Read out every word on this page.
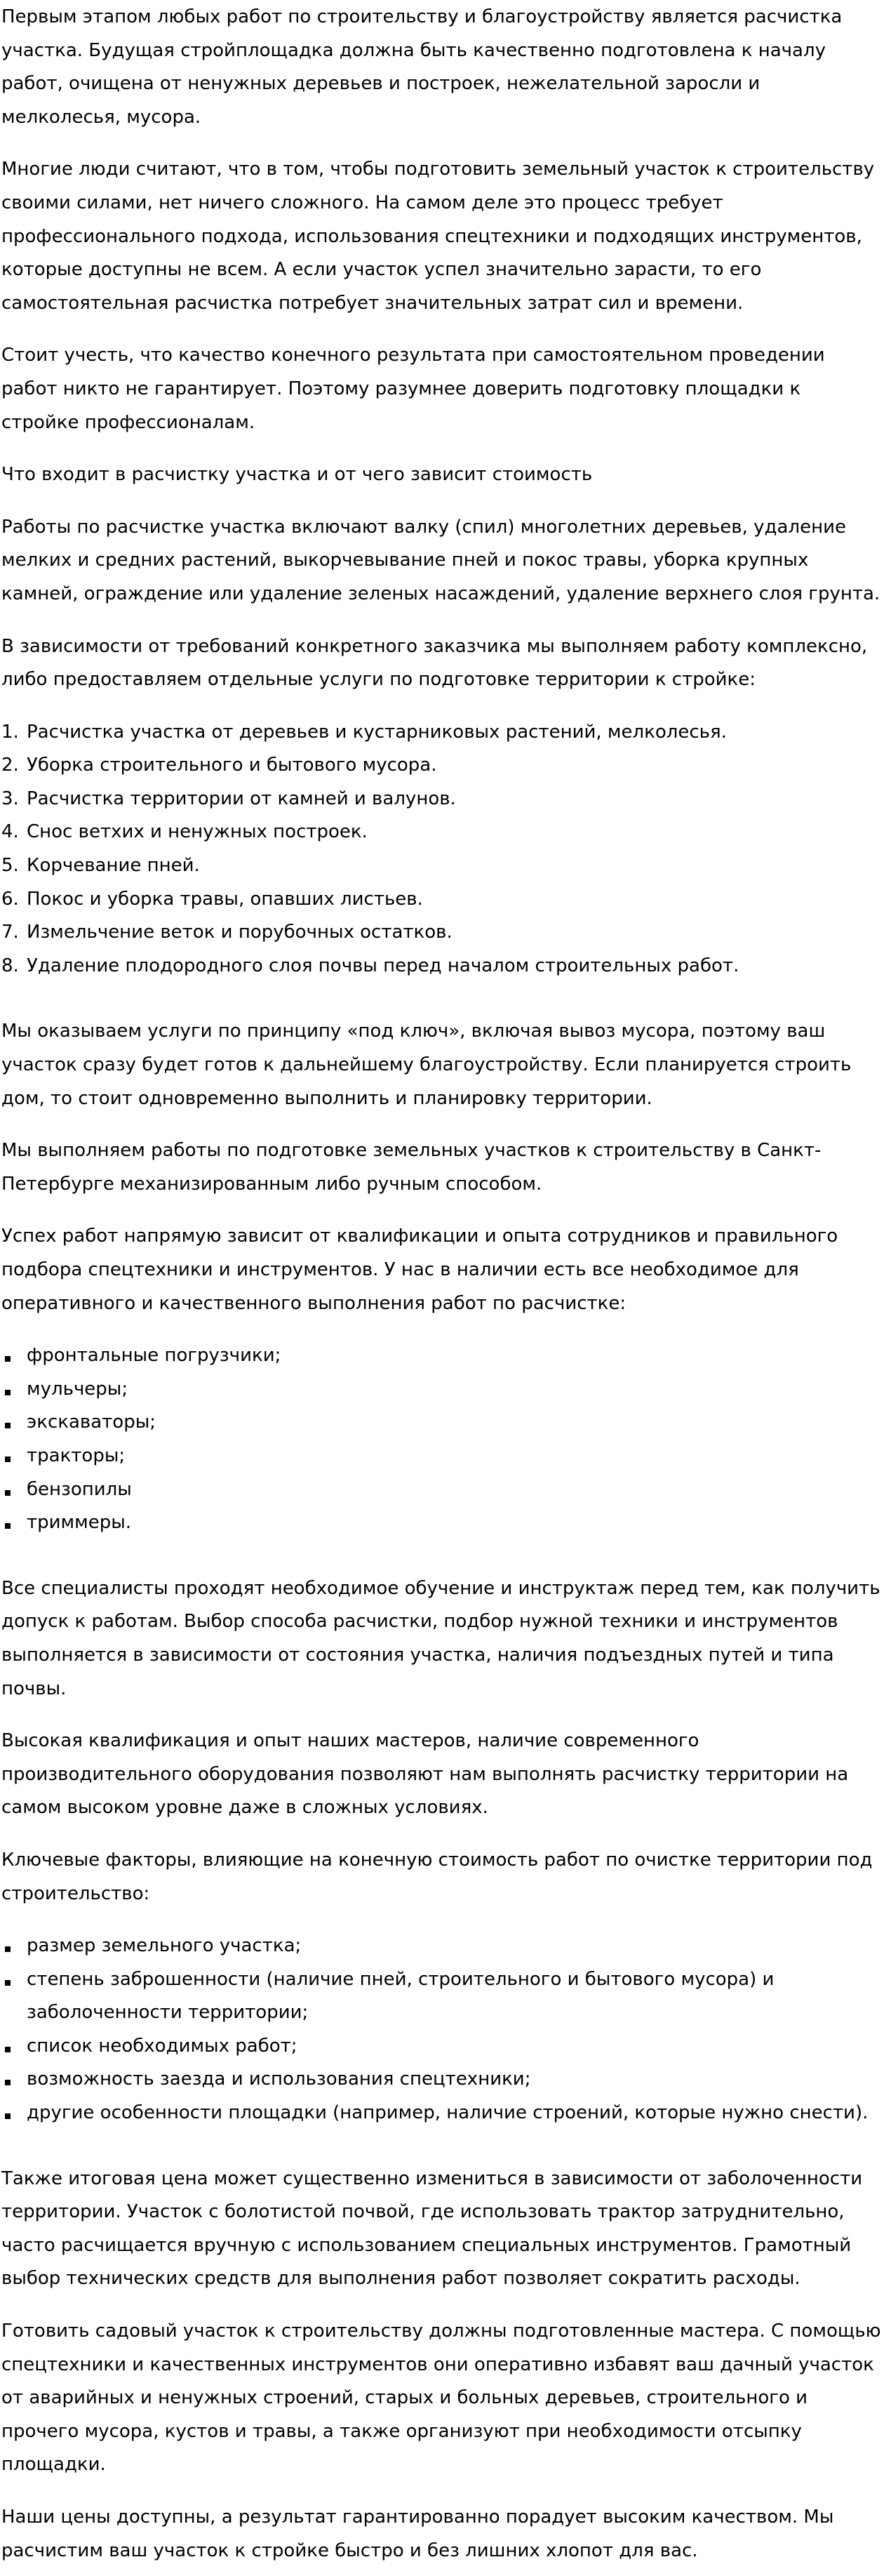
Первым этапом любых работ по строительству и благоустройству является расчистка участка. Будущая стройплощадка должна быть качественно подготовлена к началу работ, очищена от ненужных деревьев и построек, нежелательной заросли и мелколесья, мусора.

Многие люди считают, что в том, чтобы подготовить земельный участок к строительству своими силами, нет ничего сложного. На самом деле это процесс требует профессионального подхода, использования спецтехники и подходящих инструментов, которые доступны не всем. А если участок успел значительно зарасти, то его самостоятельная расчистка потребует значительных затрат сил и времени.

Стоит учесть, что качество конечного результата при самостоятельном проведении работ никто не гарантирует. Поэтому разумнее доверить подготовку площадки к стройке профессионалам.

Что входит в расчистку участка и от чего зависит стоимость

Работы по расчистке участка включают валку (спил) многолетних деревьев, удаление мелких и средних растений, выкорчевывание пней и покос травы, уборка крупных камней, ограждение или удаление зеленых насаждений, удаление верхнего слоя грунта.

В зависимости от требований конкретного заказчика мы выполняем работу комплексно, либо предоставляем отдельные услуги по подготовке территории к стройке:

1. Расчистка участка от деревьев и кустарниковых растений, мелколесья.
2. Уборка строительного и бытового мусора.
3. Расчистка территории от камней и валунов.
4. Снос ветхих и ненужных построек.
5. Корчевание пней.
6. Покос и уборка травы, опавших листьев.
7. Измельчение веток и порубочных остатков.
8. Удаление плодородного слоя почвы перед началом строительных работ.

Мы оказываем услуги по принципу «под ключ», включая вывоз мусора, поэтому ваш участок сразу будет готов к дальнейшему благоустройству. Если планируется строить дом, то стоит одновременно выполнить и планировку территории.

Мы выполняем работы по подготовке земельных участков к строительству в Санкт-Петербурге механизированным либо ручным способом.

Успех работ напрямую зависит от квалификации и опыта сотрудников и правильного подбора спецтехники и инструментов. У нас в наличии есть все необходимое для оперативного и качественного выполнения работ по расчистке:

фронтальные погрузчики;
мульчеры;
экскаваторы;
тракторы;
бензопилы
триммеры.

Все специалисты проходят необходимое обучение и инструктаж перед тем, как получить допуск к работам. Выбор способа расчистки, подбор нужной техники и инструментов выполняется в зависимости от состояния участка, наличия подъездных путей и типа почвы.

Высокая квалификация и опыт наших мастеров, наличие современного производительного оборудования позволяют нам выполнять расчистку территории на самом высоком уровне даже в сложных условиях.

Ключевые факторы, влияющие на конечную стоимость работ по очистке территории под строительство:

размер земельного участка;
степень заброшенности (наличие пней, строительного и бытового мусора) и заболоченности территории;
список необходимых работ;
возможность заезда и использования спецтехники;
другие особенности площадки (например, наличие строений, которые нужно снести).

Также итоговая цена может существенно измениться в зависимости от заболоченности территории. Участок с болотистой почвой, где использовать трактор затруднительно, часто расчищается вручную с использованием специальных инструментов. Грамотный выбор технических средств для выполнения работ позволяет сократить расходы.

Готовить садовый участок к строительству должны подготовленные мастера. С помощью спецтехники и качественных инструментов они оперативно избавят ваш дачный участок от аварийных и ненужных строений, старых и больных деревьев, строительного и прочего мусора, кустов и травы, а также организуют при необходимости отсыпку площадки.

Наши цены доступны, а результат гарантированно порадует высоким качеством. Мы расчистим ваш участок к стройке быстро и без лишних хлопот для вас.
